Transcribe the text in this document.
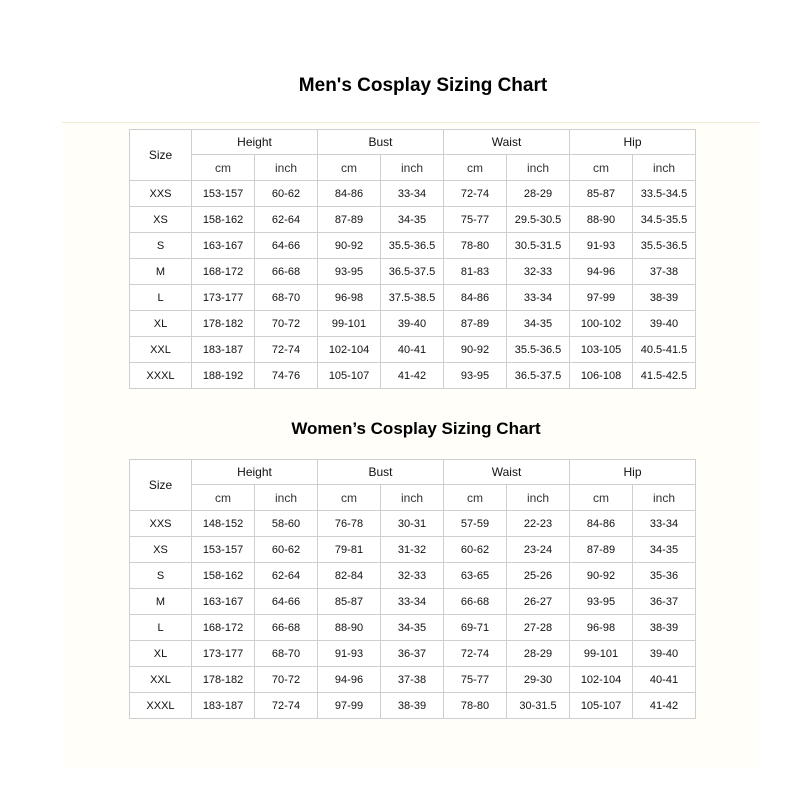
Men's Cosplay Sizing Chart
Size	Height		Bust		Waist		Hip	
	cm	inch	cm	inch	cm	inch	cm	inch
XXS	153-157	60-62	84-86	33-34	72-74	28-29	85-87	33.5-34.5
XS	158-162	62-64	87-89	34-35	75-77	29.5-30.5	88-90	34.5-35.5
S	163-167	64-66	90-92	35.5-36.5	78-80	30.5-31.5	91-93	35.5-36.5
M	168-172	66-68	93-95	36.5-37.5	81-83	32-33	94-96	37-38
L	173-177	68-70	96-98	37.5-38.5	84-86	33-34	97-99	38-39
XL	178-182	70-72	99-101	39-40	87-89	34-35	100-102	39-40
XXL	183-187	72-74	102-104	40-41	90-92	35.5-36.5	103-105	40.5-41.5
XXXL	188-192	74-76	105-107	41-42	93-95	36.5-37.5	106-108	41.5-42.5
Women’s Cosplay Sizing Chart
Size	Height		Bust		Waist		Hip	
	cm	inch	cm	inch	cm	inch	cm	inch
XXS	148-152	58-60	76-78	30-31	57-59	22-23	84-86	33-34
XS	153-157	60-62	79-81	31-32	60-62	23-24	87-89	34-35
S	158-162	62-64	82-84	32-33	63-65	25-26	90-92	35-36
M	163-167	64-66	85-87	33-34	66-68	26-27	93-95	36-37
L	168-172	66-68	88-90	34-35	69-71	27-28	96-98	38-39
XL	173-177	68-70	91-93	36-37	72-74	28-29	99-101	39-40
XXL	178-182	70-72	94-96	37-38	75-77	29-30	102-104	40-41
XXXL	183-187	72-74	97-99	38-39	78-80	30-31.5	105-107	41-42
